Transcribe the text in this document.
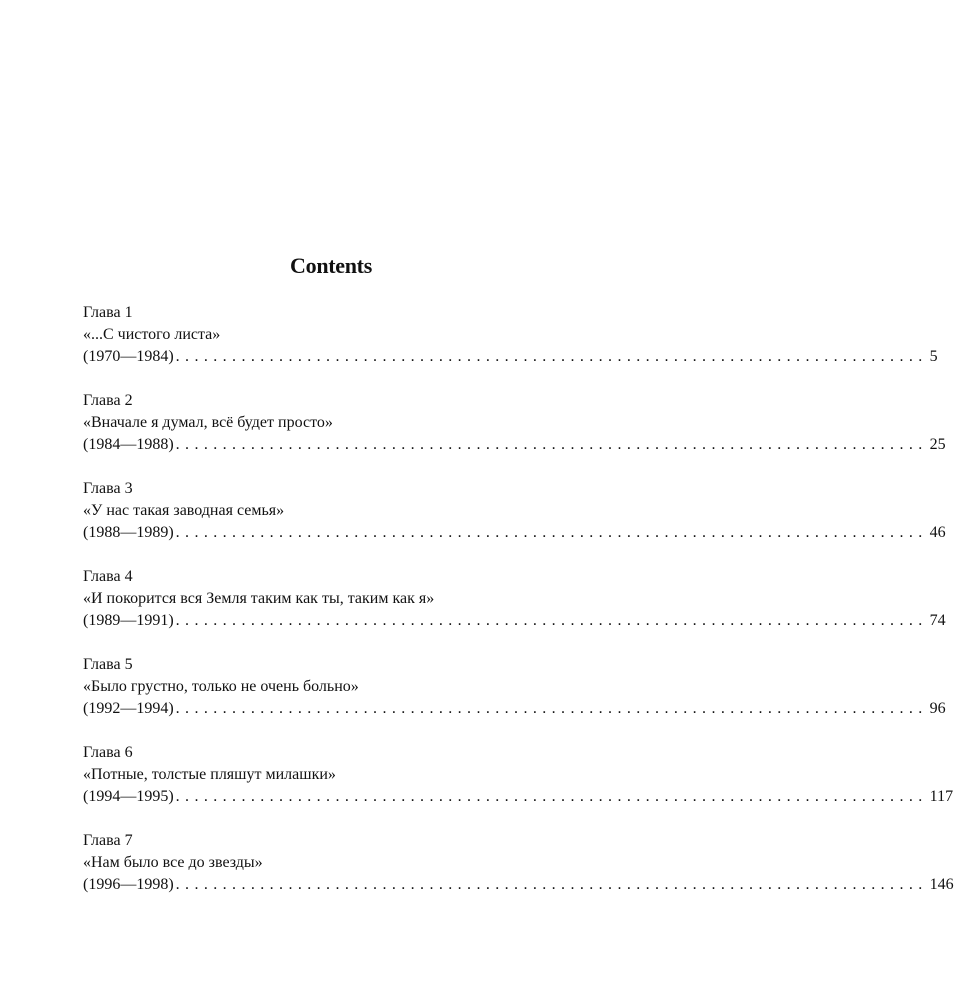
Contents
Глава 1
«...С чистого листа»
(1970—1984) ................................................................................ 5
Глава 2
«Вначале я думал, всё будет просто»
(1984—1988) ................................................................................ 25
Глава 3
«У нас такая заводная семья»
(1988—1989) ................................................................................ 46
Глава 4
«И покорится вся Земля таким как ты, таким как я»
(1989—1991) ................................................................................ 74
Глава 5
«Было грустно, только не очень больно»
(1992—1994) ................................................................................ 96
Глава 6
«Потные, толстые пляшут милашки»
(1994—1995) ................................................................................ 117
Глава 7
«Нам было все до звезды»
(1996—1998) ................................................................................ 146
